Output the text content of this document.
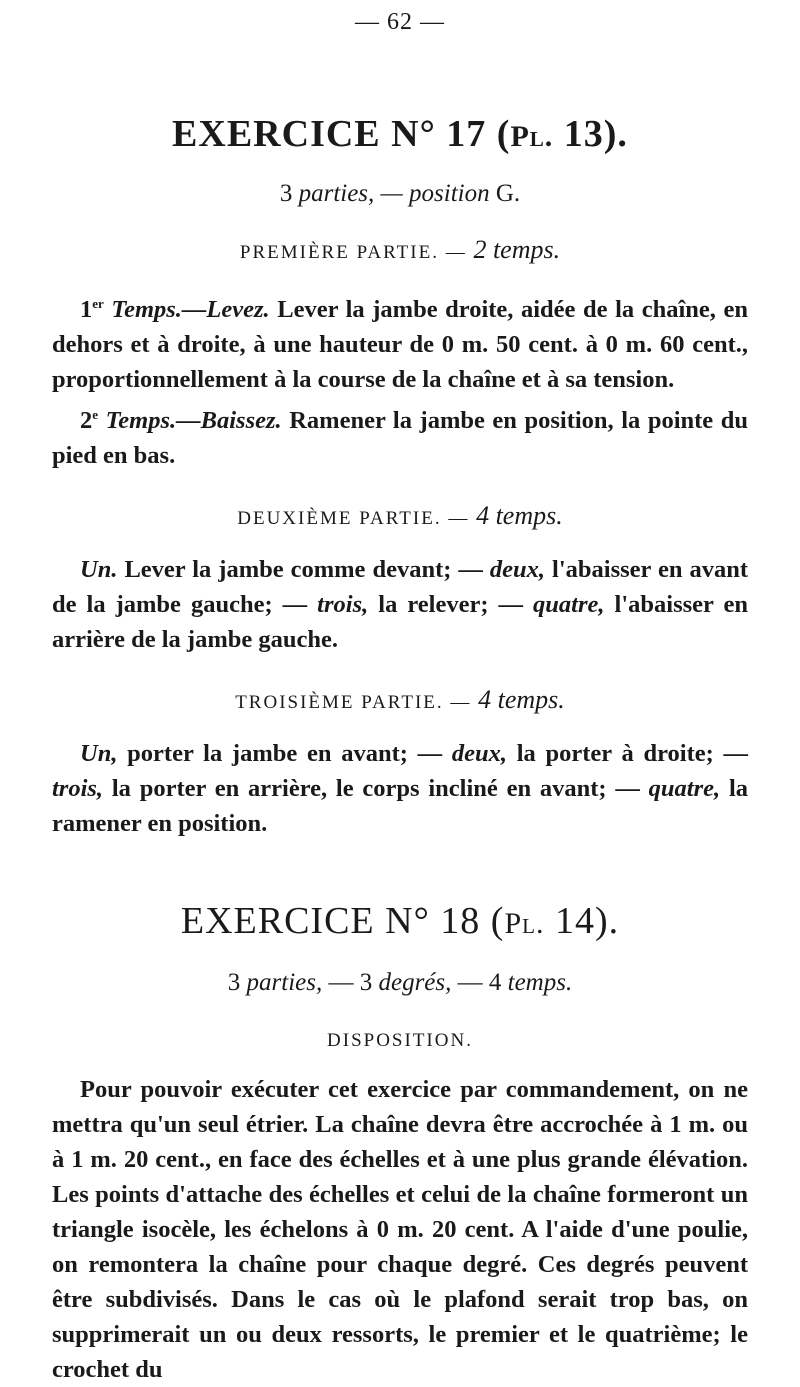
— 62 —
EXERCICE N° 17 (Pl. 13).
3 parties, — position G.
PREMIÈRE PARTIE. — 2 temps.

1er Temps.—Levez. Lever la jambe droite, aidée de la chaîne, en dehors et à droite, à une hauteur de 0 m. 50 cent. à 0 m. 60 cent., proportionnellement à la course de la chaîne et à sa tension.

2e Temps.—Baissez. Ramener la jambe en position, la pointe du pied en bas.

DEUXIÈME PARTIE. — 4 temps.

Un. Lever la jambe comme devant; — deux, l'abaisser en avant de la jambe gauche; — trois, la relever; — quatre, l'abaisser en arrière de la jambe gauche.

TROISIÈME PARTIE. — 4 temps.

Un, porter la jambe en avant; — deux, la porter à droite; — trois, la porter en arrière, le corps incliné en avant; — quatre, la ramener en position.

EXERCICE N° 18 (Pl. 14).
3 parties, — 3 degrés, — 4 temps.
DISPOSITION.

Pour pouvoir exécuter cet exercice par commandement, on ne mettra qu'un seul étrier. La chaîne devra être accrochée à 1 m. ou à 1 m. 20 cent., en face des échelles et à une plus grande élévation. Les points d'attache des échelles et celui de la chaîne formeront un triangle isocèle, les échelons à 0 m. 20 cent. A l'aide d'une poulie, on remontera la chaîne pour chaque degré. Ces degrés peuvent être subdivisés. Dans le cas où le plafond serait trop bas, on supprimerait un ou deux ressorts, le premier et le quatrième; le crochet du
